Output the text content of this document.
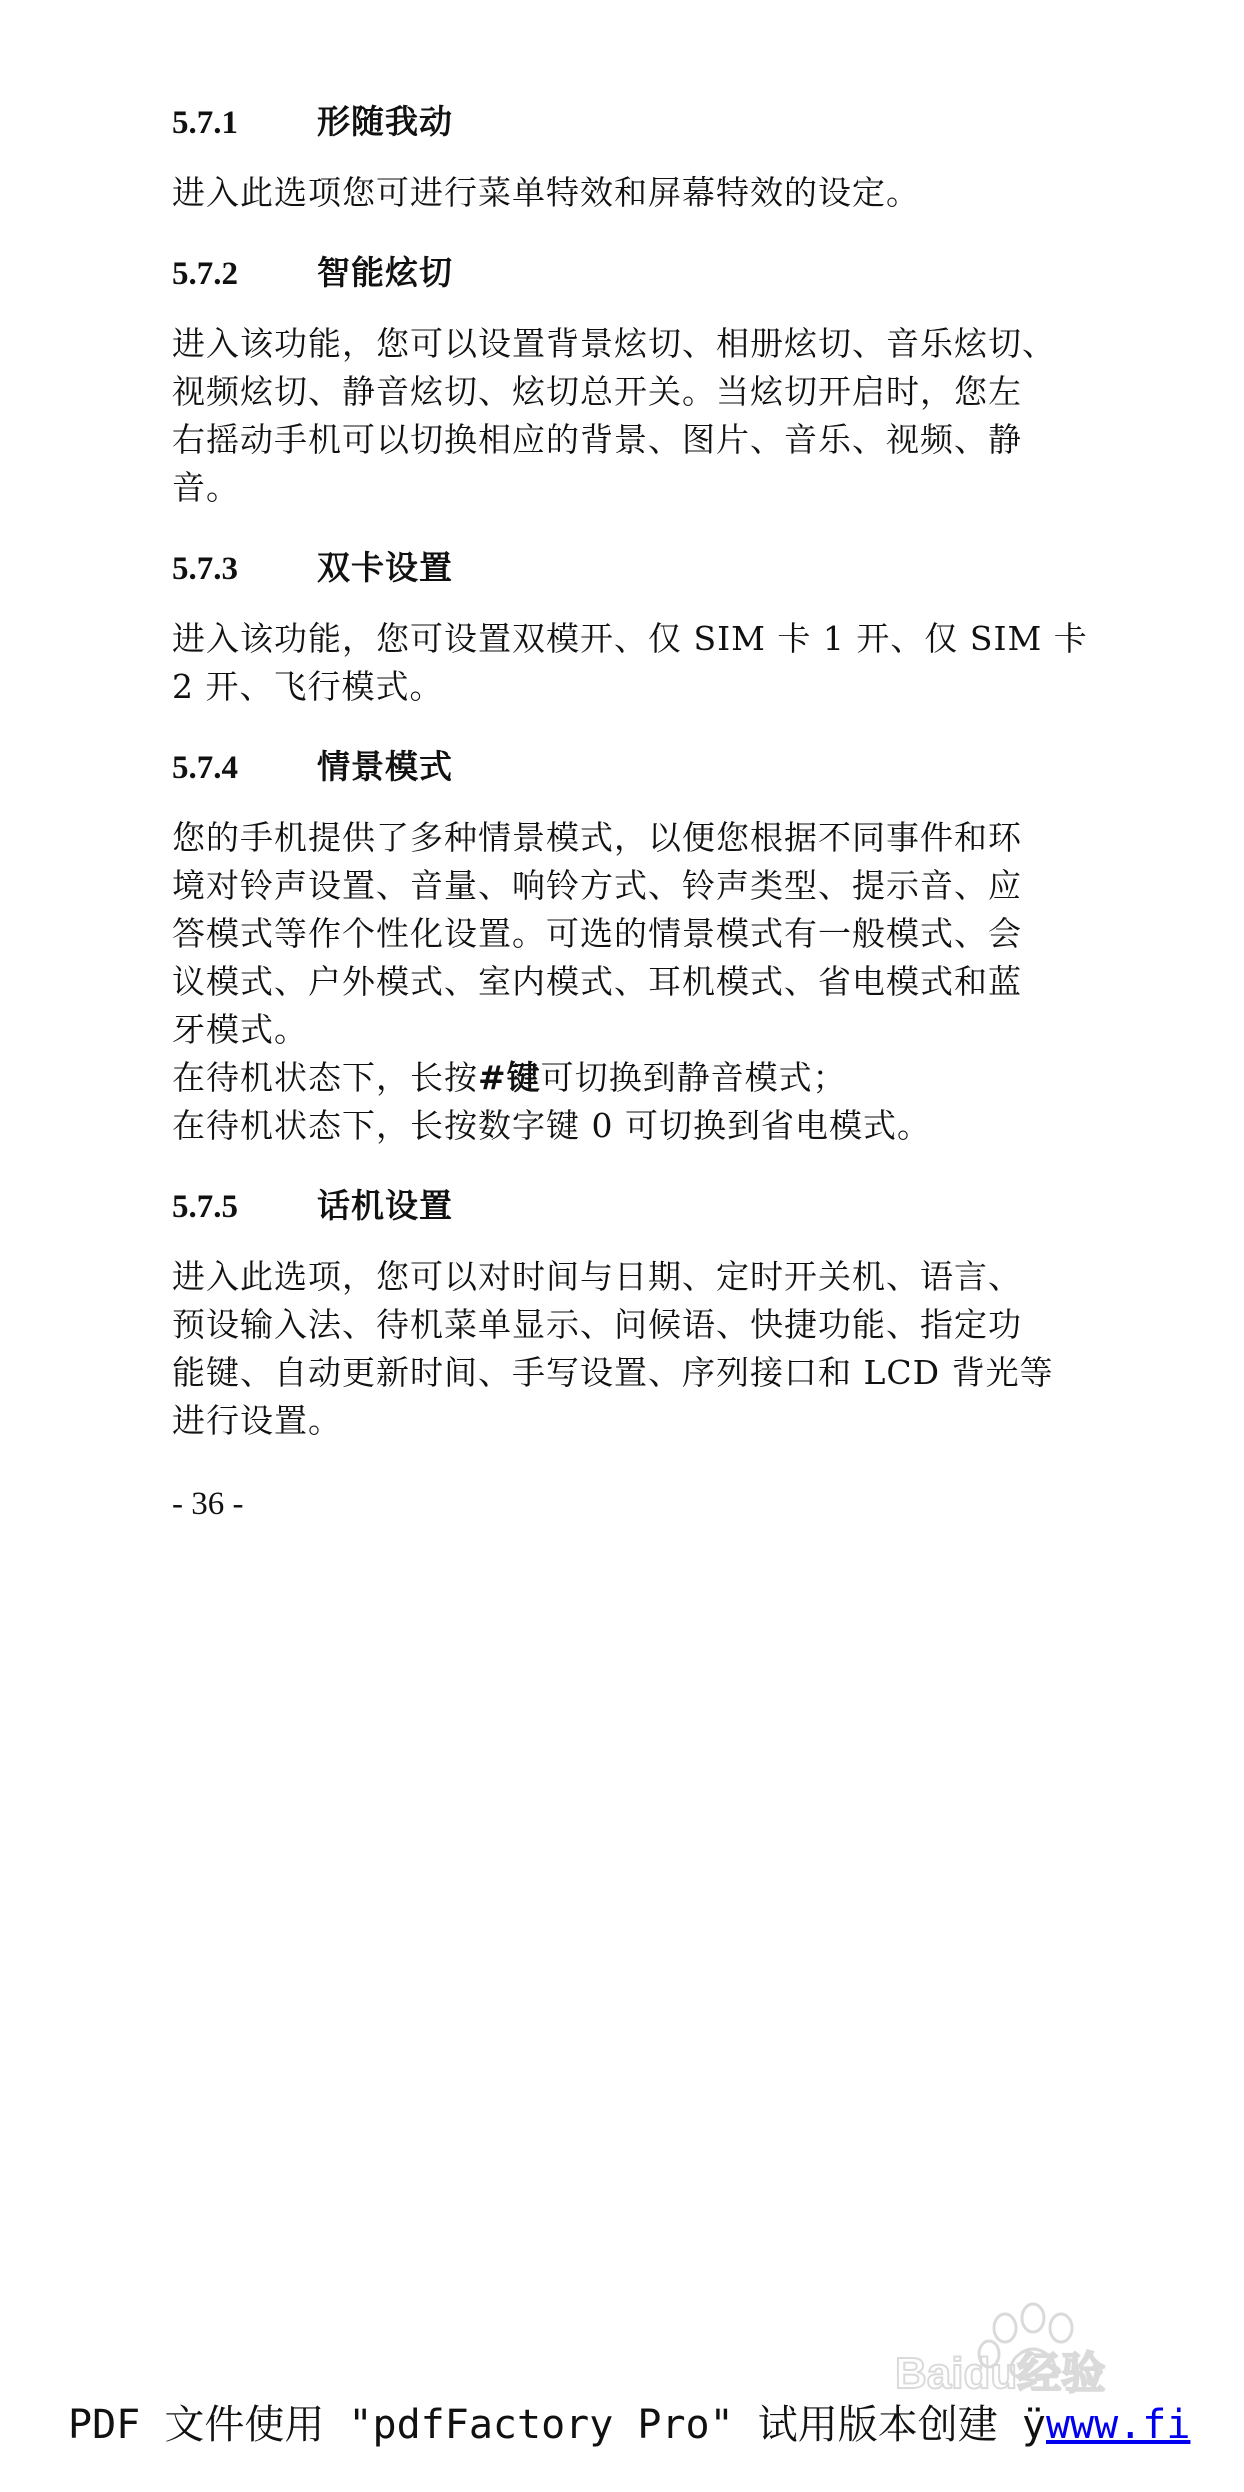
5.7.1	形随我动
进入此选项您可进行菜单特效和屏幕特效的设定。
5.7.2	智能炫切
进入该功能，您可以设置背景炫切、相册炫切、音乐炫切、
视频炫切、静音炫切、炫切总开关。当炫切开启时，您左
右摇动手机可以切换相应的背景、图片、音乐、视频、静
音。
5.7.3	双卡设置
进入该功能，您可设置双模开、仅 SIM 卡 1 开、仅 SIM 卡
2 开、飞行模式。
5.7.4	情景模式
您的手机提供了多种情景模式，以便您根据不同事件和环
境对铃声设置、音量、响铃方式、铃声类型、提示音、应
答模式等作个性化设置。可选的情景模式有一般模式、会
议模式、户外模式、室内模式、耳机模式、省电模式和蓝
牙模式。
在待机状态下，长按#键可切换到静音模式；
在待机状态下，长按数字键 0 可切换到省电模式。
5.7.5	话机设置
进入此选项，您可以对时间与日期、定时开关机、语言、
预设输入法、待机菜单显示、问候语、快捷功能、指定功
能键、自动更新时间、手写设置、序列接口和 LCD 背光等
进行设置。
- 36 -
Baidu经验
PDF 文件使用 "pdfFactory Pro" 试用版本创建 ÿwww.fi
